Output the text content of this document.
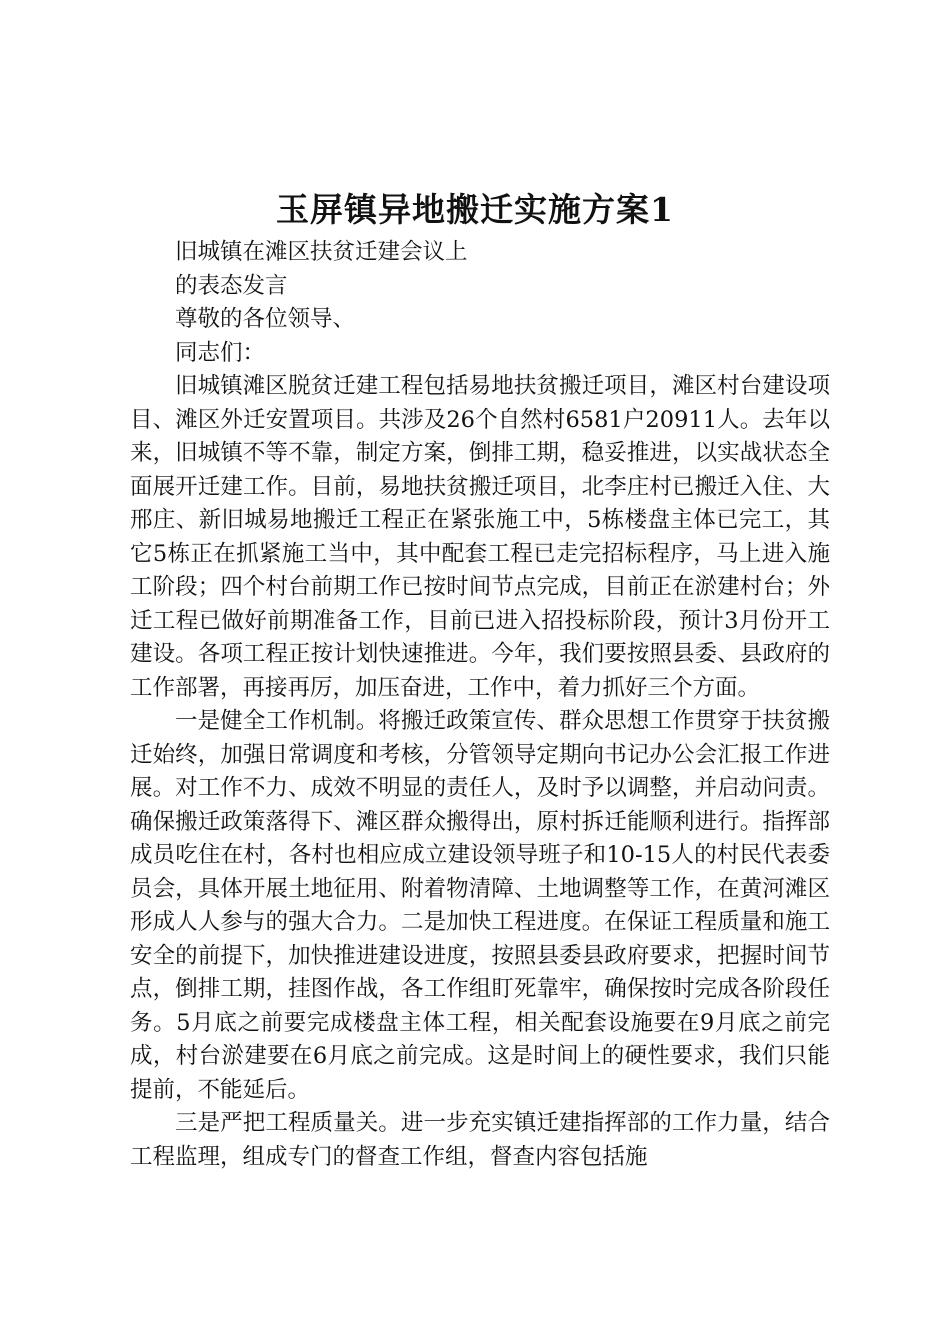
玉屏镇异地搬迁实施方案1

旧城镇在滩区扶贫迁建会议上

的表态发言

尊敬的各位领导、

同志们：

旧城镇滩区脱贫迁建工程包括易地扶贫搬迁项目，滩区村台建设项目、滩区外迁安置项目。共涉及26个自然村6581户20911人。去年以来，旧城镇不等不靠，制定方案，倒排工期，稳妥推进，以实战状态全面展开迁建工作。目前，易地扶贫搬迁项目，北李庄村已搬迁入住、大邢庄、新旧城易地搬迁工程正在紧张施工中，5栋楼盘主体已完工，其它5栋正在抓紧施工当中，其中配套工程已走完招标程序，马上进入施工阶段；四个村台前期工作已按时间节点完成，目前正在淤建村台；外迁工程已做好前期准备工作，目前已进入招投标阶段，预计3月份开工建设。各项工程正按计划快速推进。今年，我们要按照县委、县政府的工作部署，再接再厉，加压奋进，工作中，着力抓好三个方面。

一是健全工作机制。将搬迁政策宣传、群众思想工作贯穿于扶贫搬迁始终，加强日常调度和考核，分管领导定期向书记办公会汇报工作进展。对工作不力、成效不明显的责任人，及时予以调整，并启动问责。确保搬迁政策落得下、滩区群众搬得出，原村拆迁能顺利进行。指挥部成员吃住在村，各村也相应成立建设领导班子和10-15人的村民代表委员会，具体开展土地征用、附着物清障、土地调整等工作，在黄河滩区形成人人参与的强大合力。二是加快工程进度。在保证工程质量和施工安全的前提下，加快推进建设进度，按照县委县政府要求，把握时间节点，倒排工期，挂图作战，各工作组盯死靠牢，确保按时完成各阶段任务。5月底之前要完成楼盘主体工程，相关配套设施要在9月底之前完成，村台淤建要在6月底之前完成。这是时间上的硬性要求，我们只能提前，不能延后。

三是严把工程质量关。进一步充实镇迁建指挥部的工作力量，结合工程监理，组成专门的督查工作组，督查内容包括施
